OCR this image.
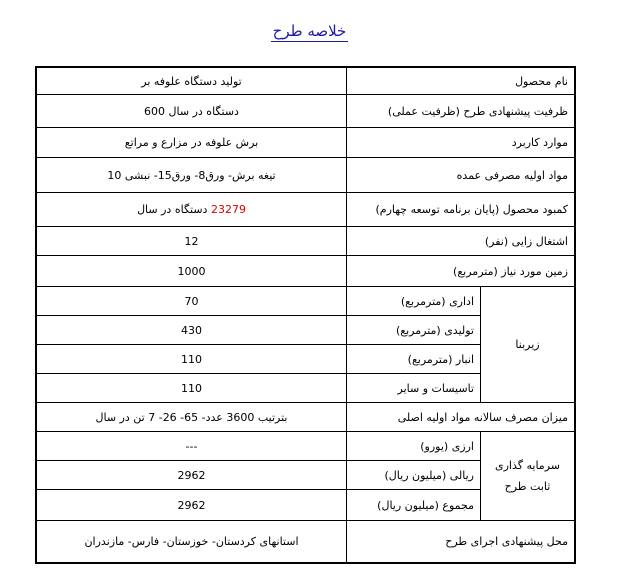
خلاصه طرح
نام محصول
تولید دستگاه علوفه بر
ظرفیت پیشنهادی طرح (ظرفیت عملی)
600 دستگاه در سال
موارد کاربرد
برش علوفه در مزارع و مراتع
مواد اولیه مصرفی عمده
تیغه برش- ورق8- ورق15- نبشی 10
کمبود محصول (پایان برنامه توسعه چهارم)
23279

دستگاه در سال
اشتغال زایی (نفر)
12
زمین مورد نیاز (مترمربع)
1000
زیربنا
اداری (مترمربع)
70
تولیدی (مترمربع)
430
انبار (مترمربع)
110
تاسیسات و سایر
110
میزان مصرف سالانه مواد اولیه اصلی
بترتیب 3600 عدد- 65- 26- 7 تن در سال
سرمایه گذاری
ثابت طرح
ارزی (یورو)
---
ریالی (میلیون ریال)
2962
مجموع (میلیون ریال)
2962
محل پیشنهادی اجرای طرح
استانهای کردستان- خوزستان- فارس- مازندران
